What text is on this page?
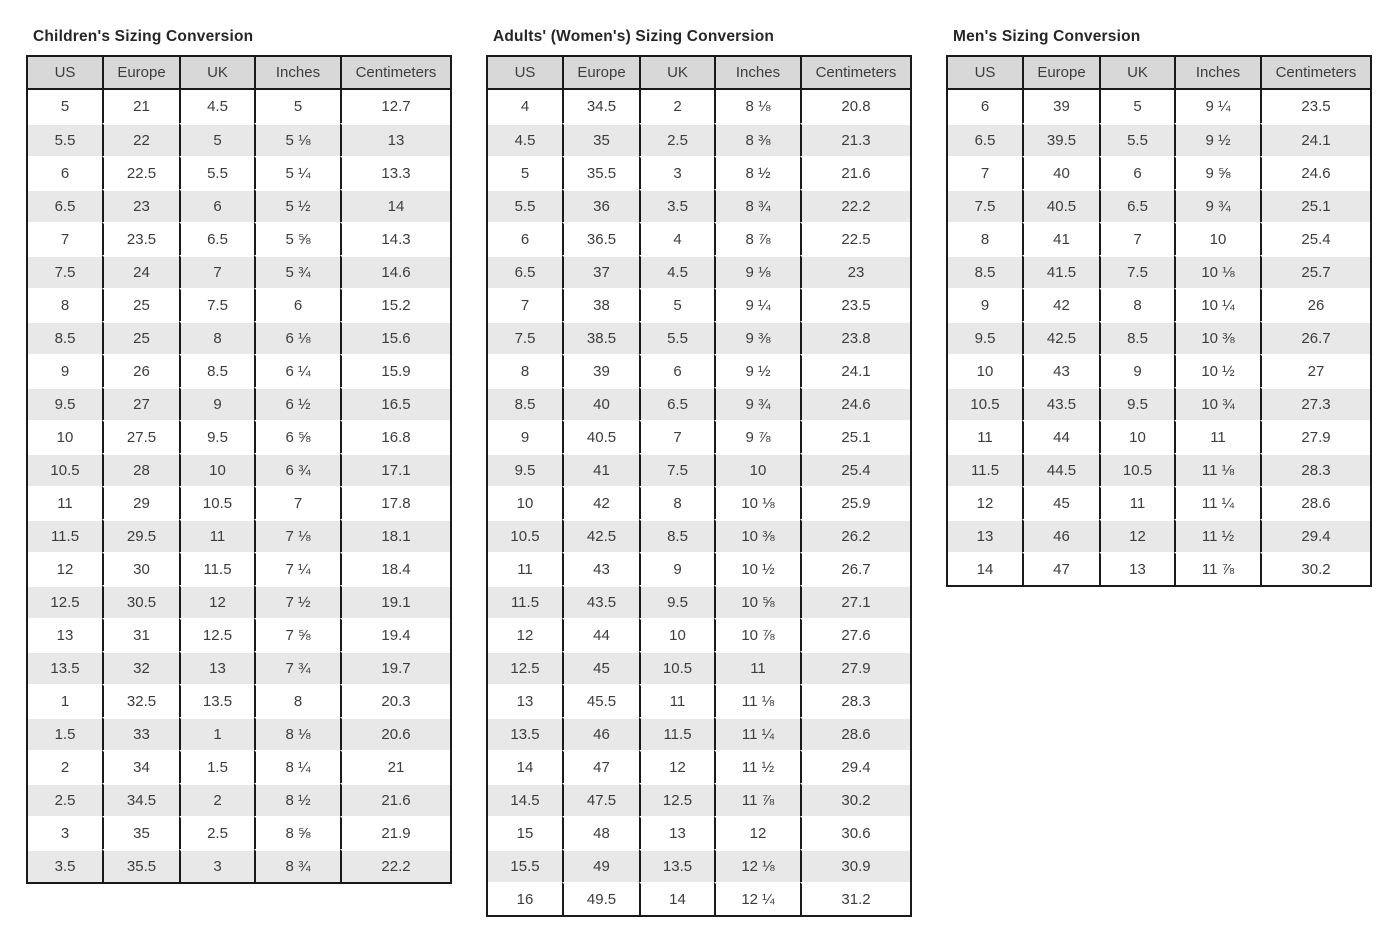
Children's Sizing Conversion
US	Europe	UK	Inches	Centimeters
5	21	4.5	5	12.7
5.5	22	5	5 ⅛	13
6	22.5	5.5	5 ¼	13.3
6.5	23	6	5 ½	14
7	23.5	6.5	5 ⅝	14.3
7.5	24	7	5 ¾	14.6
8	25	7.5	6	15.2
8.5	25	8	6 ⅛	15.6
9	26	8.5	6 ¼	15.9
9.5	27	9	6 ½	16.5
10	27.5	9.5	6 ⅝	16.8
10.5	28	10	6 ¾	17.1
11	29	10.5	7	17.8
11.5	29.5	11	7 ⅛	18.1
12	30	11.5	7 ¼	18.4
12.5	30.5	12	7 ½	19.1
13	31	12.5	7 ⅝	19.4
13.5	32	13	7 ¾	19.7
1	32.5	13.5	8	20.3
1.5	33	1	8 ⅛	20.6
2	34	1.5	8 ¼	21
2.5	34.5	2	8 ½	21.6
3	35	2.5	8 ⅝	21.9
3.5	35.5	3	8 ¾	22.2
Adults' (Women's) Sizing Conversion
US	Europe	UK	Inches	Centimeters
4	34.5	2	8 ⅛	20.8
4.5	35	2.5	8 ⅜	21.3
5	35.5	3	8 ½	21.6
5.5	36	3.5	8 ¾	22.2
6	36.5	4	8 ⅞	22.5
6.5	37	4.5	9 ⅛	23
7	38	5	9 ¼	23.5
7.5	38.5	5.5	9 ⅜	23.8
8	39	6	9 ½	24.1
8.5	40	6.5	9 ¾	24.6
9	40.5	7	9 ⅞	25.1
9.5	41	7.5	10	25.4
10	42	8	10 ⅛	25.9
10.5	42.5	8.5	10 ⅜	26.2
11	43	9	10 ½	26.7
11.5	43.5	9.5	10 ⅝	27.1
12	44	10	10 ⅞	27.6
12.5	45	10.5	11	27.9
13	45.5	11	11 ⅛	28.3
13.5	46	11.5	11 ¼	28.6
14	47	12	11 ½	29.4
14.5	47.5	12.5	11 ⅞	30.2
15	48	13	12	30.6
15.5	49	13.5	12 ⅛	30.9
16	49.5	14	12 ¼	31.2
Men's Sizing Conversion
US	Europe	UK	Inches	Centimeters
6	39	5	9 ¼	23.5
6.5	39.5	5.5	9 ½	24.1
7	40	6	9 ⅝	24.6
7.5	40.5	6.5	9 ¾	25.1
8	41	7	10	25.4
8.5	41.5	7.5	10 ⅛	25.7
9	42	8	10 ¼	26
9.5	42.5	8.5	10 ⅜	26.7
10	43	9	10 ½	27
10.5	43.5	9.5	10 ¾	27.3
11	44	10	11	27.9
11.5	44.5	10.5	11 ⅛	28.3
12	45	11	11 ¼	28.6
13	46	12	11 ½	29.4
14	47	13	11 ⅞	30.2
